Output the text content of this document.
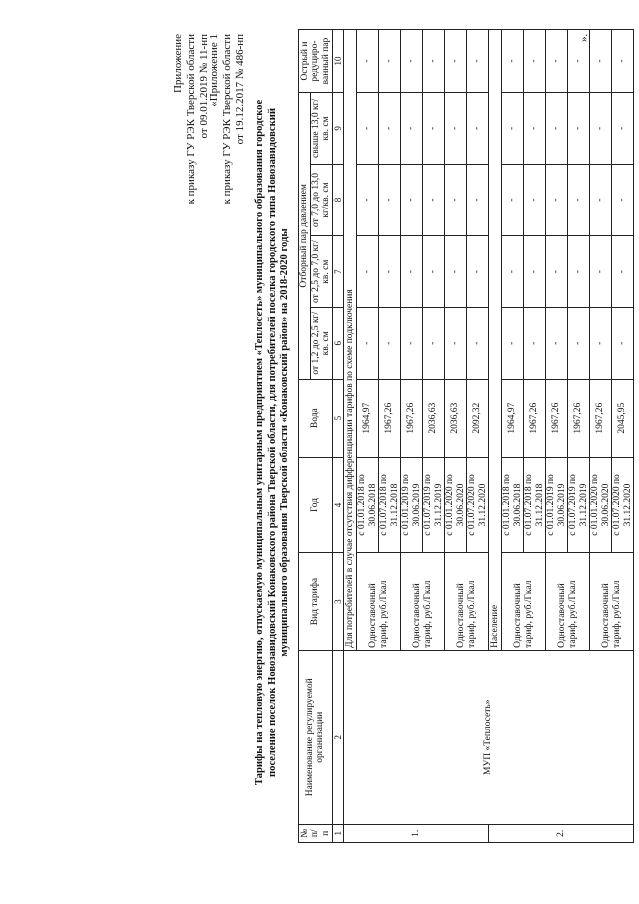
Приложение к приказу ГУ РЭК Тверской области от 09.01.2019 № 11-нп
«Приложение 1 к приказу ГУ РЭК Тверской области от 19.12.2017 № 486-нп
Тарифы на тепловую энергию, отпускаемую муниципальным унитарным предприятием «Теплосеть» муниципального образования городское поселение поселок Новозавидовский Конаковского района Тверской области, для потребителей поселка городского типа Новозавидовский муниципального образования Тверской области «Конаковский район» на 2018-2020 годы
№ п/ п	Наименование регулируемой организации	Вид тарифа	Год	Вода	Отборный пар давлением				Острый и редуциро-ванный пар
					от 1,2 до 2,5 кг/кв. см	от 2,5 до 7,0 кг/кв. см	от 7,0 до 13,0 кг/кв. см	свыше 13,0 кг/кв. см	
1	2	3	4	5	6	7	8	9	10
1.	МУП «Теплосеть»	Для потребителей в случае отсутствия дифференциации тарифов по схеме подключения							
		Одноставочный тариф, руб./Гкал	с 01.01.2018 по 30.06.2018	1964,97	-	-	-	-	-
			с 01.07.2018 по 31.12.2018	1967,26	-	-	-	-	-
		Одноставочный тариф, руб./Гкал	с 01.01.2019 по 30.06.2019	1967,26	-	-	-	-	-
			с 01.07.2019 по 31.12.2019	2036,63	-	-	-	-	-
		Одноставочный тариф, руб./Гкал	с 01.01.2020 по 30.06.2020	2036,63	-	-	-	-	-
			с 01.07.2020 по 31.12.2020	2092,32	-	-	-	-	-
2.		Население							
		Одноставочный тариф, руб./Гкал	с 01.01.2018 по 30.06.2018	1964,97	-	-	-	-	-
			с 01.07.2018 по 31.12.2018	1967,26	-	-	-	-	-
		Одноставочный тариф, руб./Гкал	с 01.01.2019 по 30.06.2019	1967,26	-	-	-	-	-
			с 01.07.2019 по 31.12.2019	1967,26	-	-	-	-	-
		Одноставочный тариф, руб./Гкал	с 01.01.2020 по 30.06.2020	1967,26	-	-	-	-	-
			с 01.07.2020 по 31.12.2020	2045,95	-	-	-	-	-
».
